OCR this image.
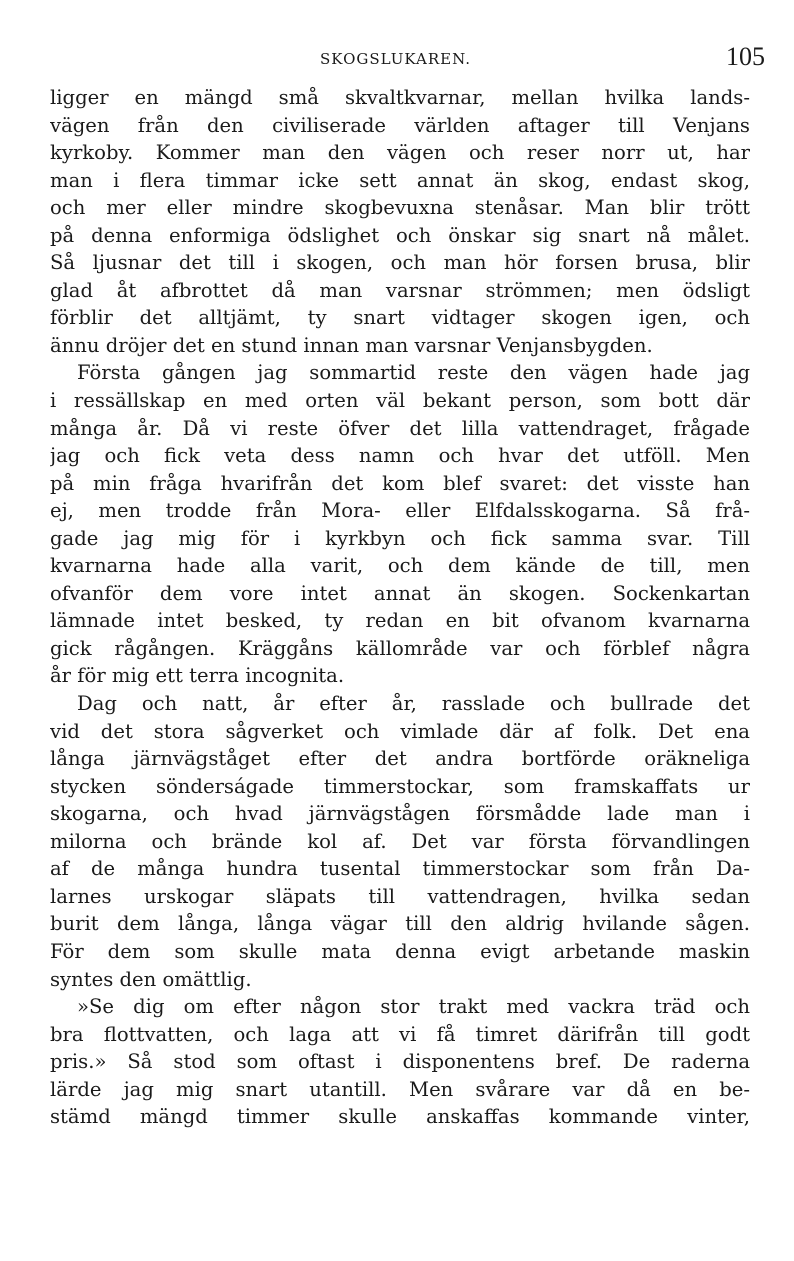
SKOGSLUKAREN.	105
ligger en mängd små skvaltkvarnar, mellan hvilka lands-
vägen från den civiliserade världen aftager till Venjans
kyrkoby. Kommer man den vägen och reser norr ut, har
man i flera timmar icke sett annat än skog, endast skog,
och mer eller mindre skogbevuxna stenåsar. Man blir trött
på denna enformiga ödslighet och önskar sig snart nå målet.
Så ljusnar det till i skogen, och man hör forsen brusa, blir
glad åt afbrottet då man varsnar strömmen; men ödsligt
förblir det alltjämt, ty snart vidtager skogen igen, och
ännu dröjer det en stund innan man varsnar Venjansbygden.
Första gången jag sommartid reste den vägen hade jag
i ressällskap en med orten väl bekant person, som bott där
många år. Då vi reste öfver det lilla vattendraget, frågade
jag och fick veta dess namn och hvar det utföll. Men
på min fråga hvarifrån det kom blef svaret: det visste han
ej, men trodde från Mora- eller Elfdalsskogarna. Så frå-
gade jag mig för i kyrkbyn och fick samma svar. Till
kvarnarna hade alla varit, och dem kände de till, men
ofvanför dem vore intet annat än skogen. Sockenkartan
lämnade intet besked, ty redan en bit ofvanom kvarnarna
gick rågången. Kräggåns källområde var och förblef några
år för mig ett terra incognita.
Dag och natt, år efter år, rasslade och bullrade det
vid det stora sågverket och vimlade där af folk. Det ena
långa järnvägståget efter det andra bortförde oräkneliga
stycken sönderságade timmerstockar, som framskaffats ur
skogarna, och hvad järnvägstågen försmådde lade man i
milorna och brände kol af. Det var första förvandlingen
af de många hundra tusental timmerstockar som från Da-
larnes urskogar släpats till vattendragen, hvilka sedan
burit dem långa, långa vägar till den aldrig hvilande sågen.
För dem som skulle mata denna evigt arbetande maskin
syntes den omättlig.
»Se dig om efter någon stor trakt med vackra träd och
bra flottvatten, och laga att vi få timret därifrån till godt
pris.» Så stod som oftast i disponentens bref. De raderna
lärde jag mig snart utantill. Men svårare var då en be-
stämd mängd timmer skulle anskaffas kommande vinter,
